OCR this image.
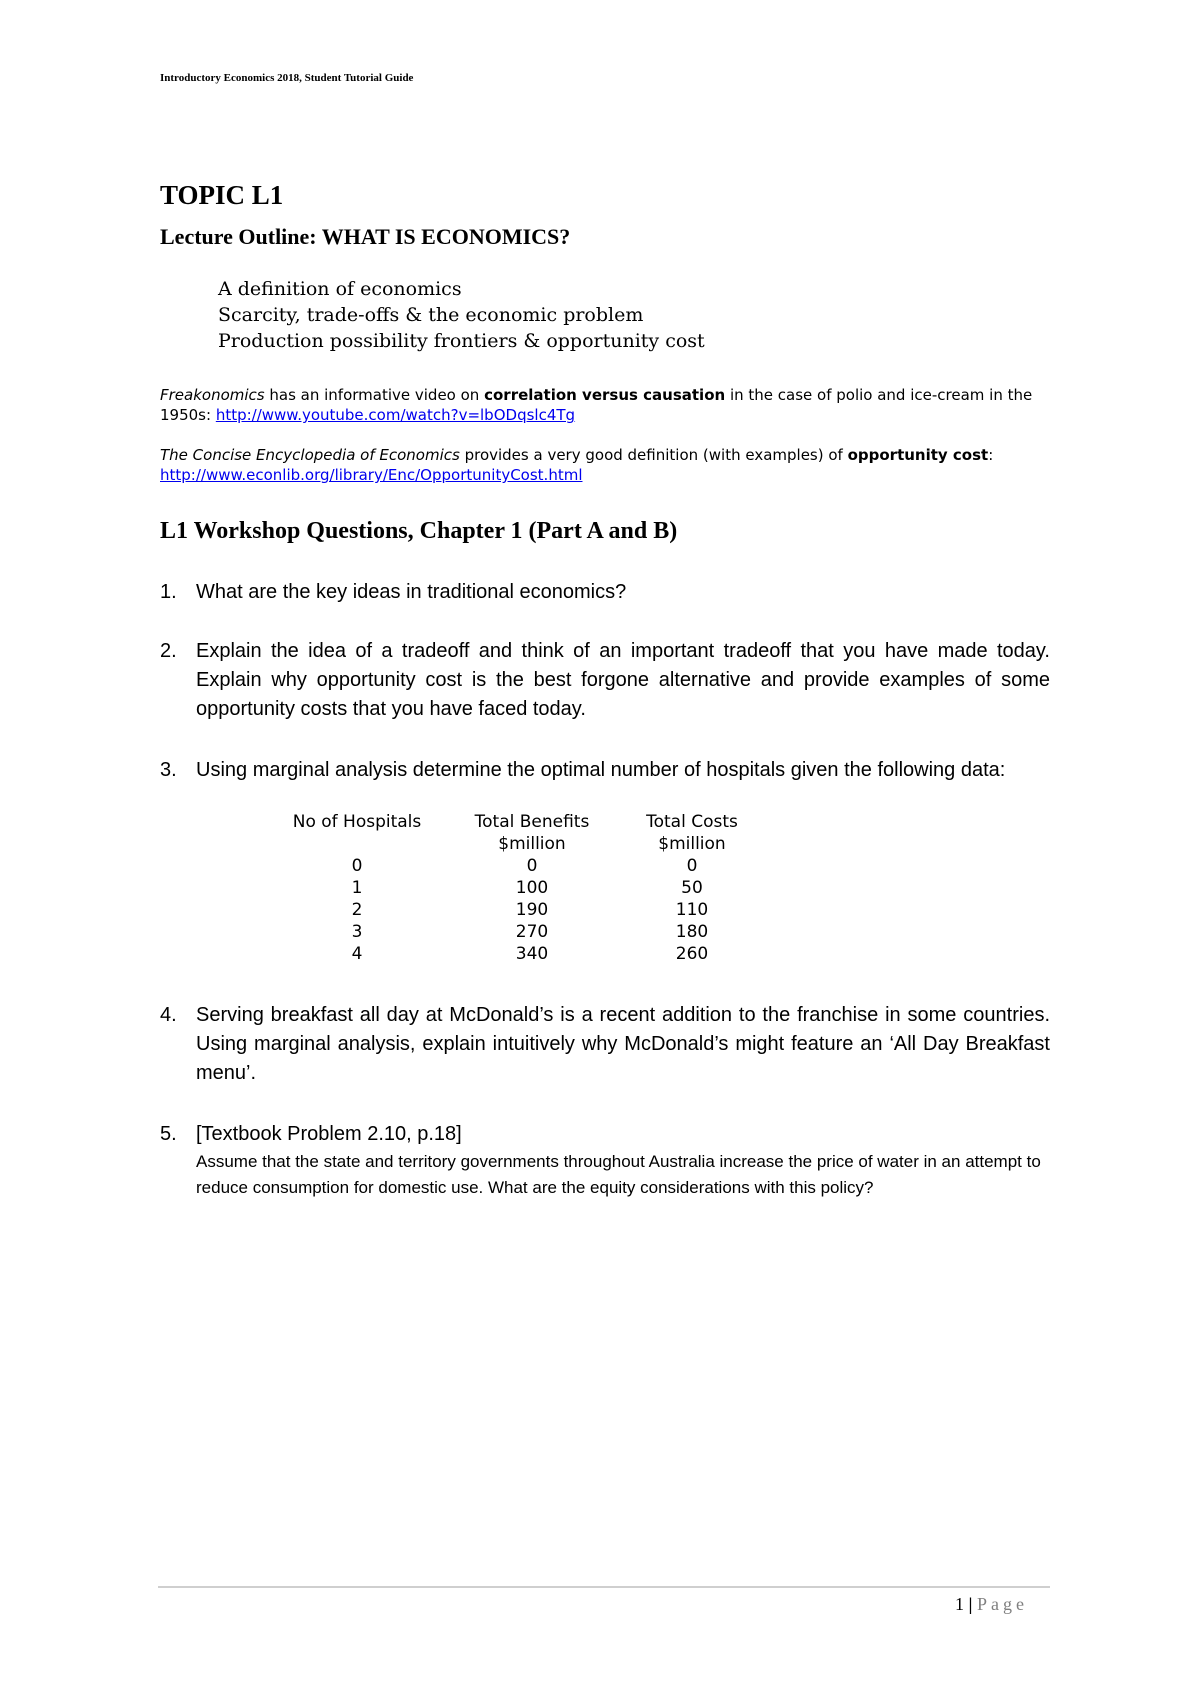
Introductory Economics 2018, Student Tutorial Guide
TOPIC L1
Lecture Outline: WHAT IS ECONOMICS?
A definition of economics
Scarcity, trade-offs & the economic problem
Production possibility frontiers & opportunity cost
Freakonomics has an informative video on correlation versus causation in the case of polio and ice-cream in the 1950s: http://www.youtube.com/watch?v=lbODqslc4Tg
The Concise Encyclopedia of Economics provides a very good definition (with examples) of opportunity cost: http://www.econlib.org/library/Enc/OpportunityCost.html
L1 Workshop Questions, Chapter 1 (Part A and B)
1. What are the key ideas in traditional economics?
2. Explain the idea of a tradeoff and think of an important tradeoff that you have made today. Explain why opportunity cost is the best forgone alternative and provide examples of some opportunity costs that you have faced today.
3. Using marginal analysis determine the optimal number of hospitals given the following data:
No of Hospitals	Total Benefits	Total Costs
	$million	$million
0	0	0
1	100	50
2	190	110
3	270	180
4	340	260
4. Serving breakfast all day at McDonald’s is a recent addition to the franchise in some countries. Using marginal analysis, explain intuitively why McDonald’s might feature an ‘All Day Breakfast menu’.
5. [Textbook Problem 2.10, p.18]
Assume that the state and territory governments throughout Australia increase the price of water in an attempt to reduce consumption for domestic use. What are the equity considerations with this policy?
1 | Page
